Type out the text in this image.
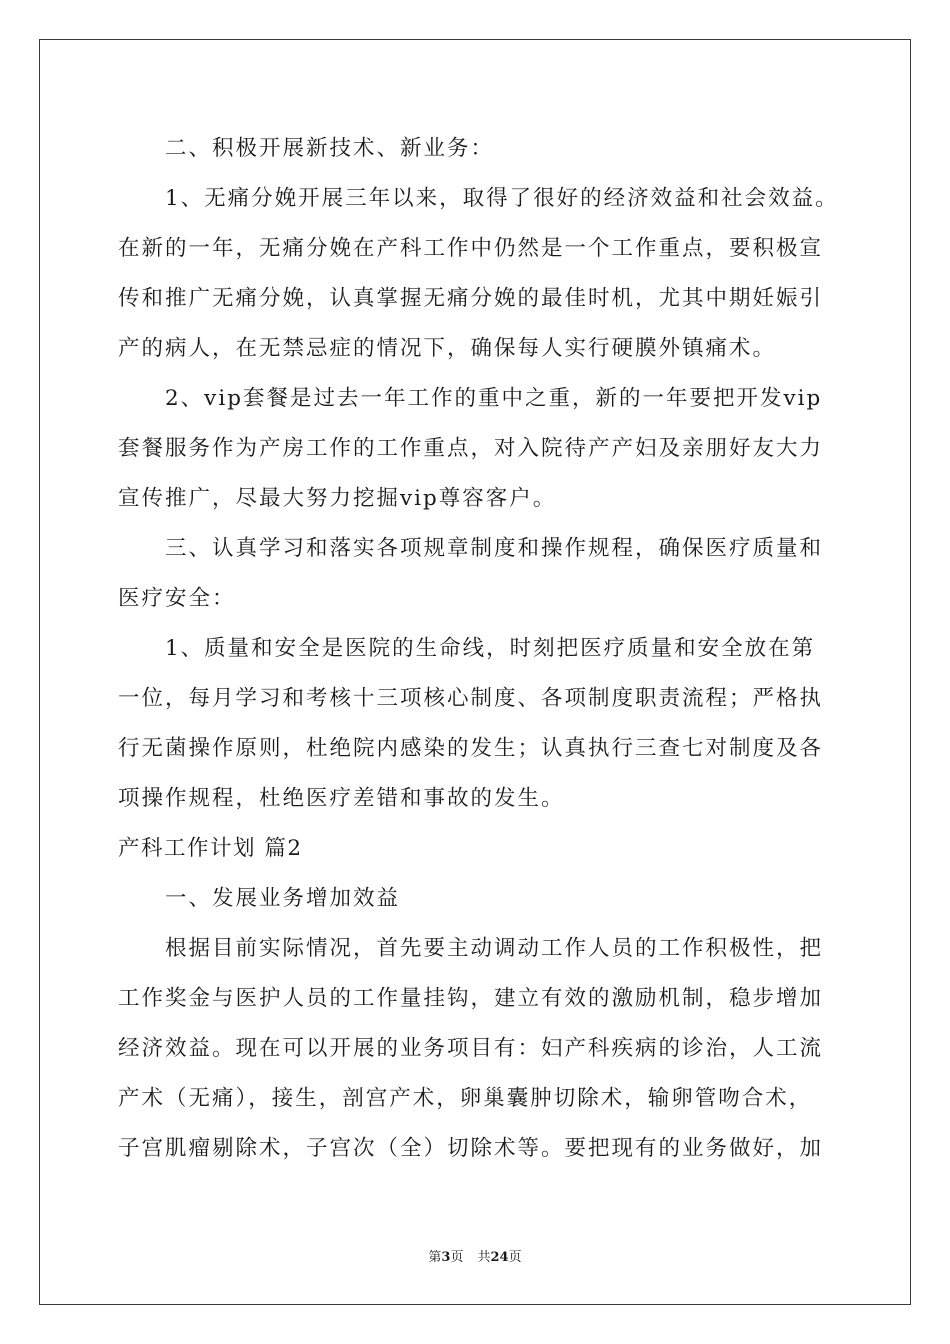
二、积极开展新技术、新业务：
1、无痛分娩开展三年以来，取得了很好的经济效益和社会效益。
在新的一年，无痛分娩在产科工作中仍然是一个工作重点，要积极宣
传和推广无痛分娩，认真掌握无痛分娩的最佳时机，尤其中期妊娠引
产的病人，在无禁忌症的情况下，确保每人实行硬膜外镇痛术。
2、vip套餐是过去一年工作的重中之重，新的一年要把开发vip
套餐服务作为产房工作的工作重点，对入院待产产妇及亲朋好友大力
宣传推广，尽最大努力挖掘vip尊容客户。
三、认真学习和落实各项规章制度和操作规程，确保医疗质量和
医疗安全：
1、质量和安全是医院的生命线，时刻把医疗质量和安全放在第
一位，每月学习和考核十三项核心制度、各项制度职责流程；严格执
行无菌操作原则，杜绝院内感染的发生；认真执行三查七对制度及各
项操作规程，杜绝医疗差错和事故的发生。
产科工作计划 篇2
一、发展业务增加效益
根据目前实际情况，首先要主动调动工作人员的工作积极性，把
工作奖金与医护人员的工作量挂钩，建立有效的激励机制，稳步增加
经济效益。现在可以开展的业务项目有：妇产科疾病的诊治，人工流
产术（无痛），接生，剖宫产术，卵巢囊肿切除术，输卵管吻合术，
子宫肌瘤剔除术，子宫次（全）切除术等。要把现有的业务做好，加
第3页 共24页
